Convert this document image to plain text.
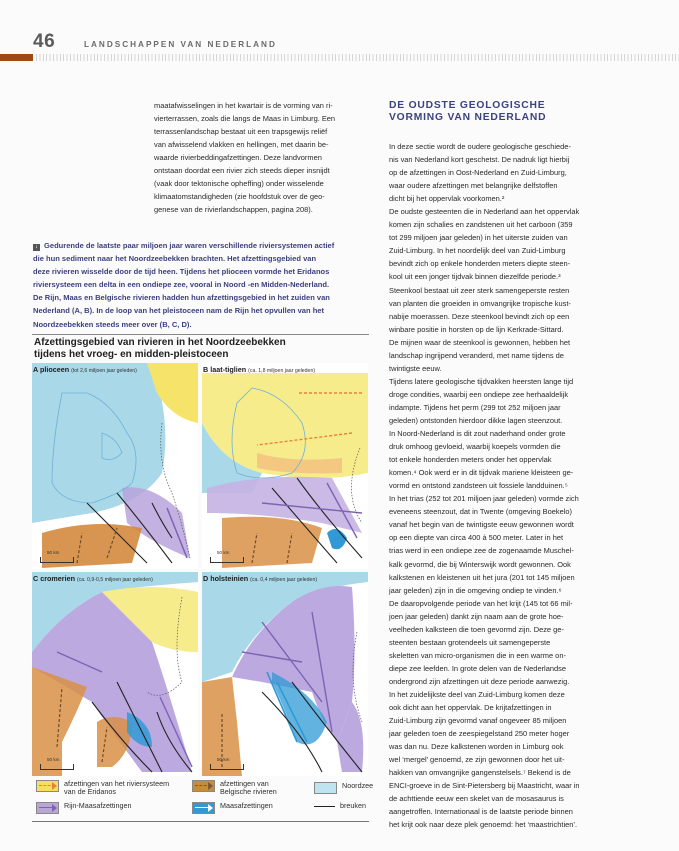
46	LANDSCHAPPEN VAN NEDERLAND

maatafwisselingen in het kwartair is de vorming van ri-

vierterrassen, zoals die langs de Maas in Limburg. Een

terrassenlandschap bestaat uit een trapsgewijs reliëf

van afwisselend vlakken en hellingen, met daarin be-

waarde rivierbeddingafzettingen. Deze landvormen

ontstaan doordat een rivier zich steeds dieper insnijdt

(vaak door tektonische opheffing) onder wisselende

klimaatomstandigheden (zie hoofdstuk over de geo-

genese van de rivierlandschappen, pagina 208).

↓ Gedurende de laatste paar miljoen jaar waren verschillende riviersystemen actief

die hun sediment naar het Noordzeebekken brachten. Het afzettingsgebied van

deze rivieren wisselde door de tijd heen. Tijdens het plioceen vormde het Eridanos

riviersysteem een delta in een ondiepe zee, vooral in Noord -en Midden-Nederland.

De Rijn, Maas en Belgische rivieren hadden hun afzettingsgebied in het zuiden van

Nederland (A, B). In de loop van het pleistoceen nam de Rijn het opvullen van het

Noordzeebekken steeds meer over (B, C, D).

Afzettingsgebied van rivieren in het Noordzeebekken

tijdens het vroeg- en midden-pleistoceen

A plioceen (tot 2,6 miljoen jaar geleden)
50 km
B laat-tiglien (ca. 1,8 miljoen jaar geleden)
50 km
C cromerien (ca. 0,9-0,5 miljoen jaar geleden)
50 km
D holsteinien (ca. 0,4 miljoen jaar geleden)
50 km
afzettingen van het riviersysteem
van de Eridanos
afzettingen van
Belgische rivieren
Noordzee
Rijn-Maasafzettingen	Maasafzettingen	breuken

DE OUDSTE GEOLOGISCHE

VORMING VAN NEDERLAND

In deze sectie wordt de oudere geologische geschiede-

nis van Nederland kort geschetst. De nadruk ligt hierbij

op de afzettingen in Oost-Nederland en Zuid-Limburg,

waar oudere afzettingen met belangrijke delfstoffen

dicht bij het oppervlak voorkomen.²

De oudste gesteenten die in Nederland aan het oppervlak

komen zijn schalies en zandstenen uit het carboon (359

tot 299 miljoen jaar geleden) in het uiterste zuiden van

Zuid-Limburg. In het noordelijk deel van Zuid-Limburg

bevindt zich op enkele honderden meters diepte steen-

kool uit een jonger tijdvak binnen diezelfde periode.³

Steenkool bestaat uit zeer sterk samengeperste resten

van planten die groeiden in omvangrijke tropische kust-

nabije moerassen. Deze steenkool bevindt zich op een

winbare positie in horsten op de lijn Kerkrade-Sittard.

De mijnen waar de steenkool is gewonnen, hebben het

landschap ingrijpend veranderd, met name tijdens de

twintigste eeuw.

Tijdens latere geologische tijdvakken heersten lange tijd

droge condities, waarbij een ondiepe zee herhaaldelijk

indampte. Tijdens het perm (299 tot 252 miljoen jaar

geleden) ontstonden hierdoor dikke lagen steenzout.

In Noord-Nederland is dit zout naderhand onder grote

druk omhoog gevloeid, waarbij koepels vormden die

tot enkele honderden meters onder het oppervlak

komen.⁴ Ook werd er in dit tijdvak mariene kleisteen ge-

vormd en ontstond zandsteen uit fossiele landduinen.⁵

In het trias (252 tot 201 miljoen jaar geleden) vormde zich

eveneens steenzout, dat in Twente (omgeving Boekelo)

vanaf het begin van de twintigste eeuw gewonnen wordt

op een diepte van circa 400 à 500 meter. Later in het

trias werd in een ondiepe zee de zogenaamde Muschel-

kalk gevormd, die bij Winterswijk wordt gewonnen. Ook

kalkstenen en kleistenen uit het jura (201 tot 145 miljoen

jaar geleden) zijn in die omgeving ondiep te vinden.⁶

De daaropvolgende periode van het krijt (145 tot 66 mil-

joen jaar geleden) dankt zijn naam aan de grote hoe-

veelheden kalksteen die toen gevormd zijn. Deze ge-

steenten bestaan grotendeels uit samengeperste

skeletten van micro-organismen die in een warme on-

diepe zee leefden. In grote delen van de Nederlandse

ondergrond zijn afzettingen uit deze periode aanwezig.

In het zuidelijkste deel van Zuid-Limburg komen deze

ook dicht aan het oppervlak. De krijtafzettingen in

Zuid-Limburg zijn gevormd vanaf ongeveer 85 miljoen

jaar geleden toen de zeespiegelstand 250 meter hoger

was dan nu. Deze kalkstenen worden in Limburg ook

wel ‘mergel’ genoemd, ze zijn gewonnen door het uit-

hakken van omvangrijke gangenstelsels.⁷ Bekend is de

ENCI-groeve in de Sint-Pietersberg bij Maastricht, waar in

de achttiende eeuw een skelet van de mosasaurus is

aangetroffen. Internationaal is de laatste periode binnen

het krijt ook naar deze plek genoemd: het ‘maastrichtien’.
